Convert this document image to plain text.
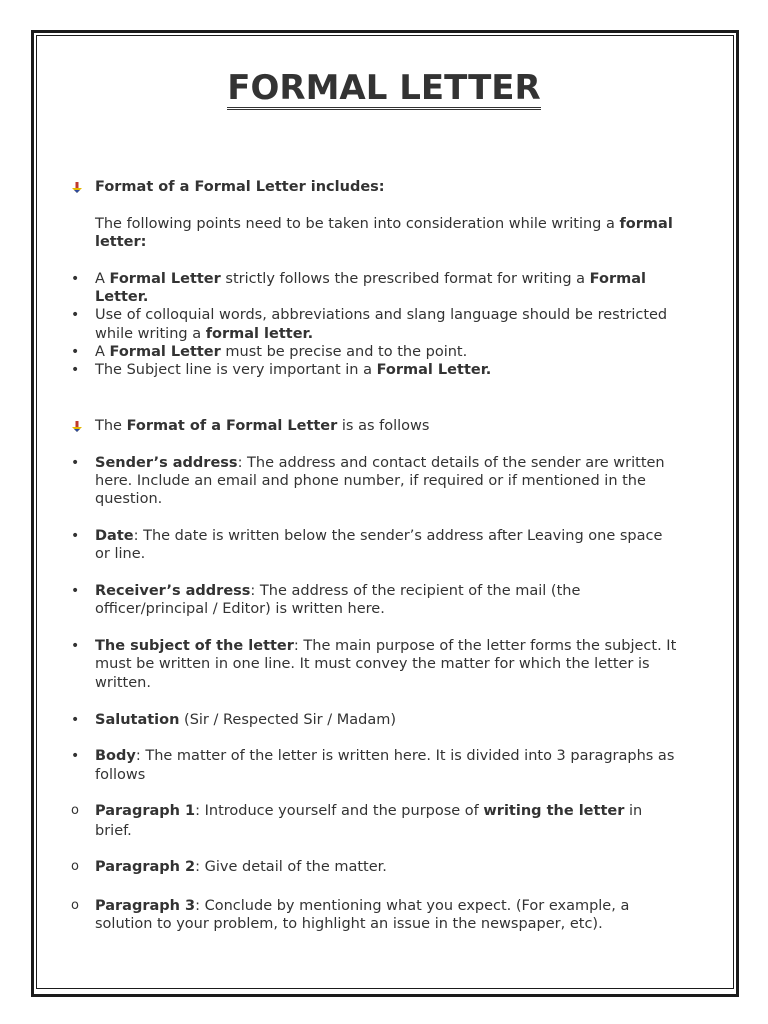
FORMAL LETTER
Format of a Formal Letter includes:
The following points need to be taken into consideration while writing a formal
letter:
• A Formal Letter strictly follows the prescribed format for writing a Formal
Letter.
• Use of colloquial words, abbreviations and slang language should be restricted
while writing a formal letter.
• A Formal Letter must be precise and to the point.
• The Subject line is very important in a Formal Letter.
The Format of a Formal Letter is as follows
• Sender’s address: The address and contact details of the sender are written
here. Include an email and phone number, if required or if mentioned in the
question.
• Date: The date is written below the sender’s address after Leaving one space
or line.
• Receiver’s address: The address of the recipient of the mail (the
officer/principal / Editor) is written here.
• The subject of the letter: The main purpose of the letter forms the subject. It
must be written in one line. It must convey the matter for which the letter is
written.
• Salutation (Sir / Respected Sir / Madam)
• Body: The matter of the letter is written here. It is divided into 3 paragraphs as
follows
o Paragraph 1: Introduce yourself and the purpose of writing the letter in
brief.
o Paragraph 2: Give detail of the matter.
o Paragraph 3: Conclude by mentioning what you expect. (For example, a
solution to your problem, to highlight an issue in the newspaper, etc).
